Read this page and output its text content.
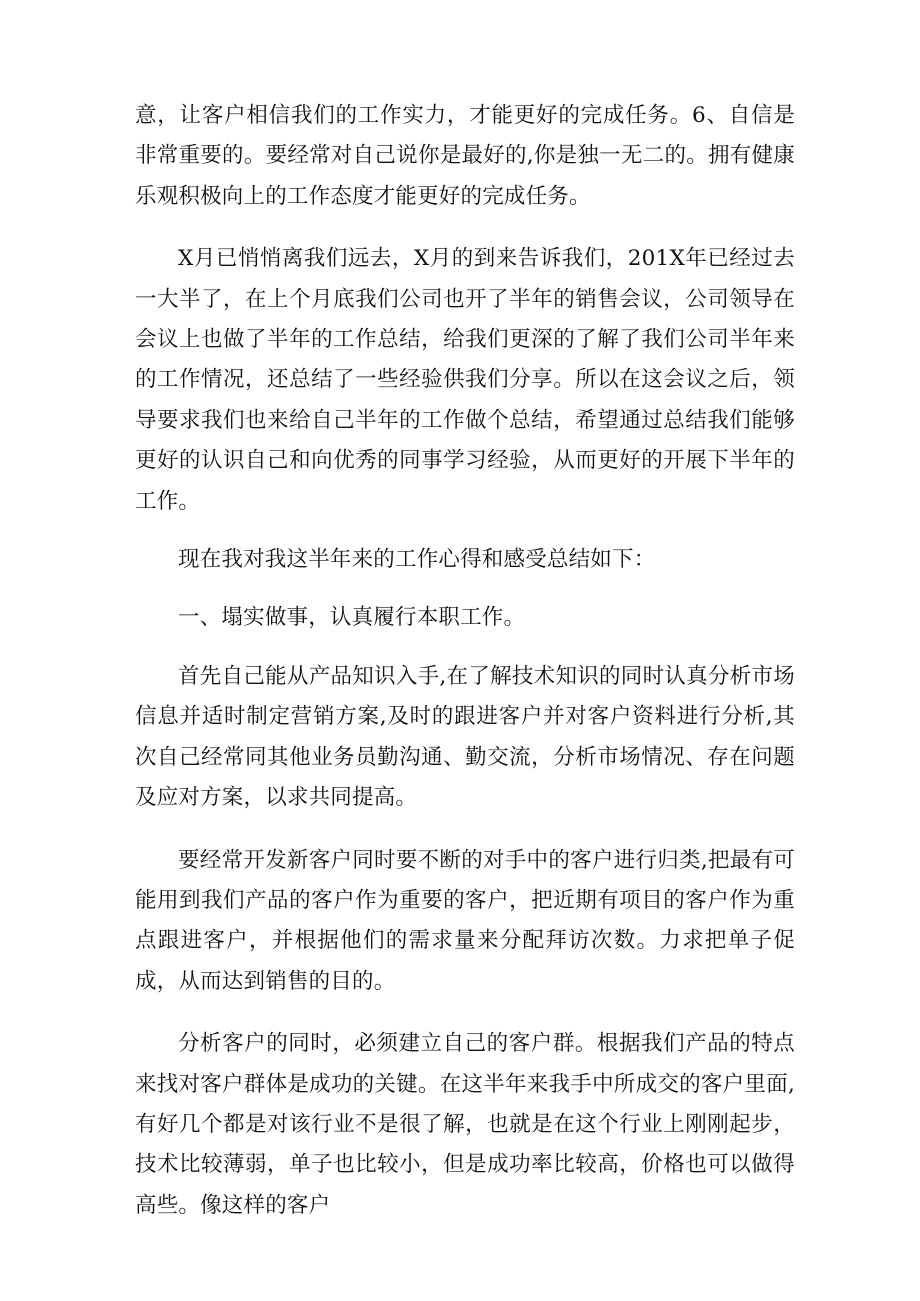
意，让客户相信我们的工作实力，才能更好的完成任务。6、自信是非常重要的。要经常对自己说你是最好的,你是独一无二的。拥有健康乐观积极向上的工作态度才能更好的完成任务。

X月已悄悄离我们远去，X月的到来告诉我们，201X年已经过去一大半了，在上个月底我们公司也开了半年的销售会议，公司领导在会议上也做了半年的工作总结，给我们更深的了解了我们公司半年来的工作情况，还总结了一些经验供我们分享。所以在这会议之后，领导要求我们也来给自己半年的工作做个总结，希望通过总结我们能够更好的认识自己和向优秀的同事学习经验，从而更好的开展下半年的工作。

现在我对我这半年来的工作心得和感受总结如下：

一、塌实做事，认真履行本职工作。

首先自己能从产品知识入手,在了解技术知识的同时认真分析市场信息并适时制定营销方案,及时的跟进客户并对客户资料进行分析,其次自己经常同其他业务员勤沟通、勤交流，分析市场情况、存在问题及应对方案，以求共同提高。

要经常开发新客户同时要不断的对手中的客户进行归类,把最有可能用到我们产品的客户作为重要的客户，把近期有项目的客户作为重点跟进客户，并根据他们的需求量来分配拜访次数。力求把单子促成，从而达到销售的目的。

分析客户的同时，必须建立自己的客户群。根据我们产品的特点来找对客户群体是成功的关键。在这半年来我手中所成交的客户里面,有好几个都是对该行业不是很了解，也就是在这个行业上刚刚起步，技术比较薄弱，单子也比较小，但是成功率比较高，价格也可以做得高些。像这样的客户
